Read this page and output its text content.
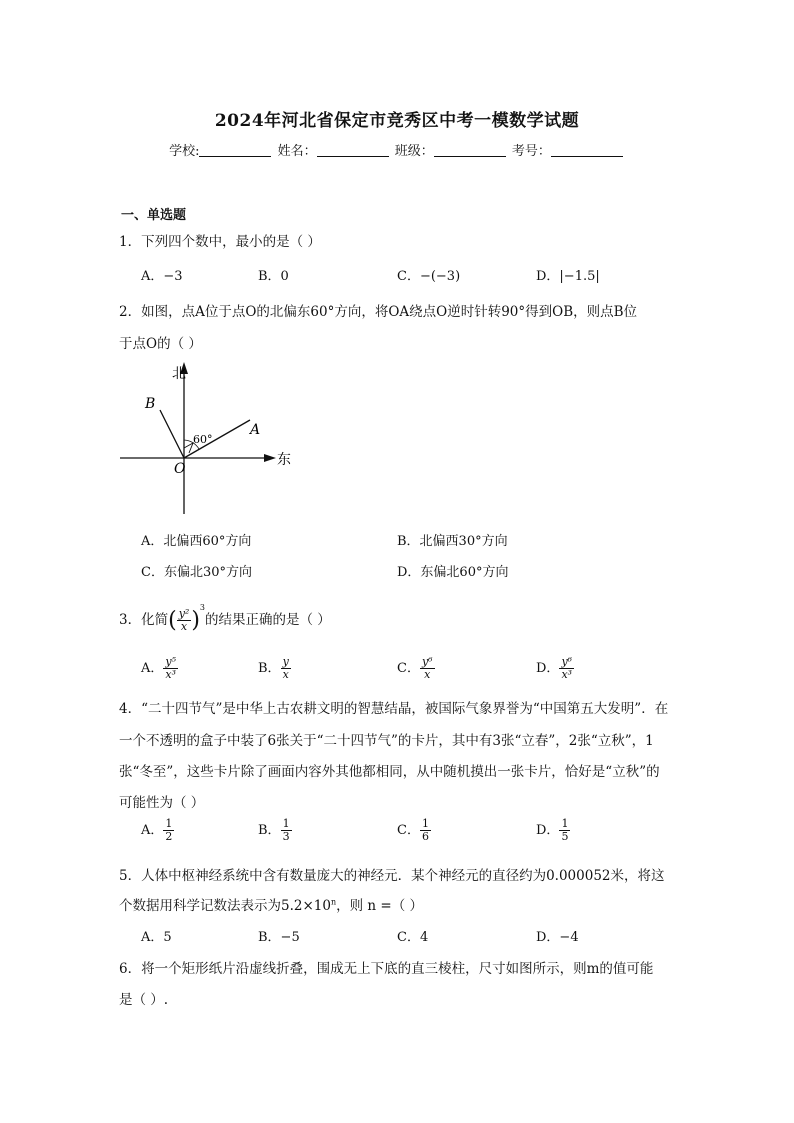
2024年河北省保定市竞秀区中考一模数学试题
学校:	姓名：	班级：	考号：
一、单选题
1．下列四个数中，最小的是（ ）
A．−3	B．0	C．−(−3)	D．|−1.5|
2．如图，点A位于点O的北偏东60°方向，将OA绕点O逆时针转90°得到OB，则点B位
于点O的（ ）
北
东
O
A
B
60°
A．北偏西60°方向	B．北偏西30°方向
C．东偏北30°方向	D．东偏北60°方向
3．化简( $\frac{\text{y²}}{x} )^3$的结果正确的是（ ）
A． $\frac{\text{y⁵}}{\text{x³}}$	B． $\frac{y}{x}$	C． $\frac{\text{y⁶}}{x}$	D． $\frac{\text{y⁶}}{\text{x³}}$
4．“二十四节气”是中华上古农耕文明的智慧结晶，被国际气象界誉为“中国第五大发明”．在
一个不透明的盒子中装了6张关于“二十四节气”的卡片，其中有3张“立春”，2张“立秋”，1
张“冬至”，这些卡片除了画面内容外其他都相同，从中随机摸出一张卡片，恰好是“立秋”的
可能性为（ ）
A． $\frac{1}{2}$	B． $\frac{1}{3}$	C． $\frac{1}{6}$	D． $\frac{1}{5}$
5．人体中枢神经系统中含有数量庞大的神经元．某个神经元的直径约为0.000052米，将这
个数据用科学记数法表示为$5.2\times 10^n$，则 n =（ ）
A．5	B．−5	C．4	D．−4
6．将一个矩形纸片沿虚线折叠，围成无上下底的直三棱柱，尺寸如图所示，则m的值可能
是（ ）.
